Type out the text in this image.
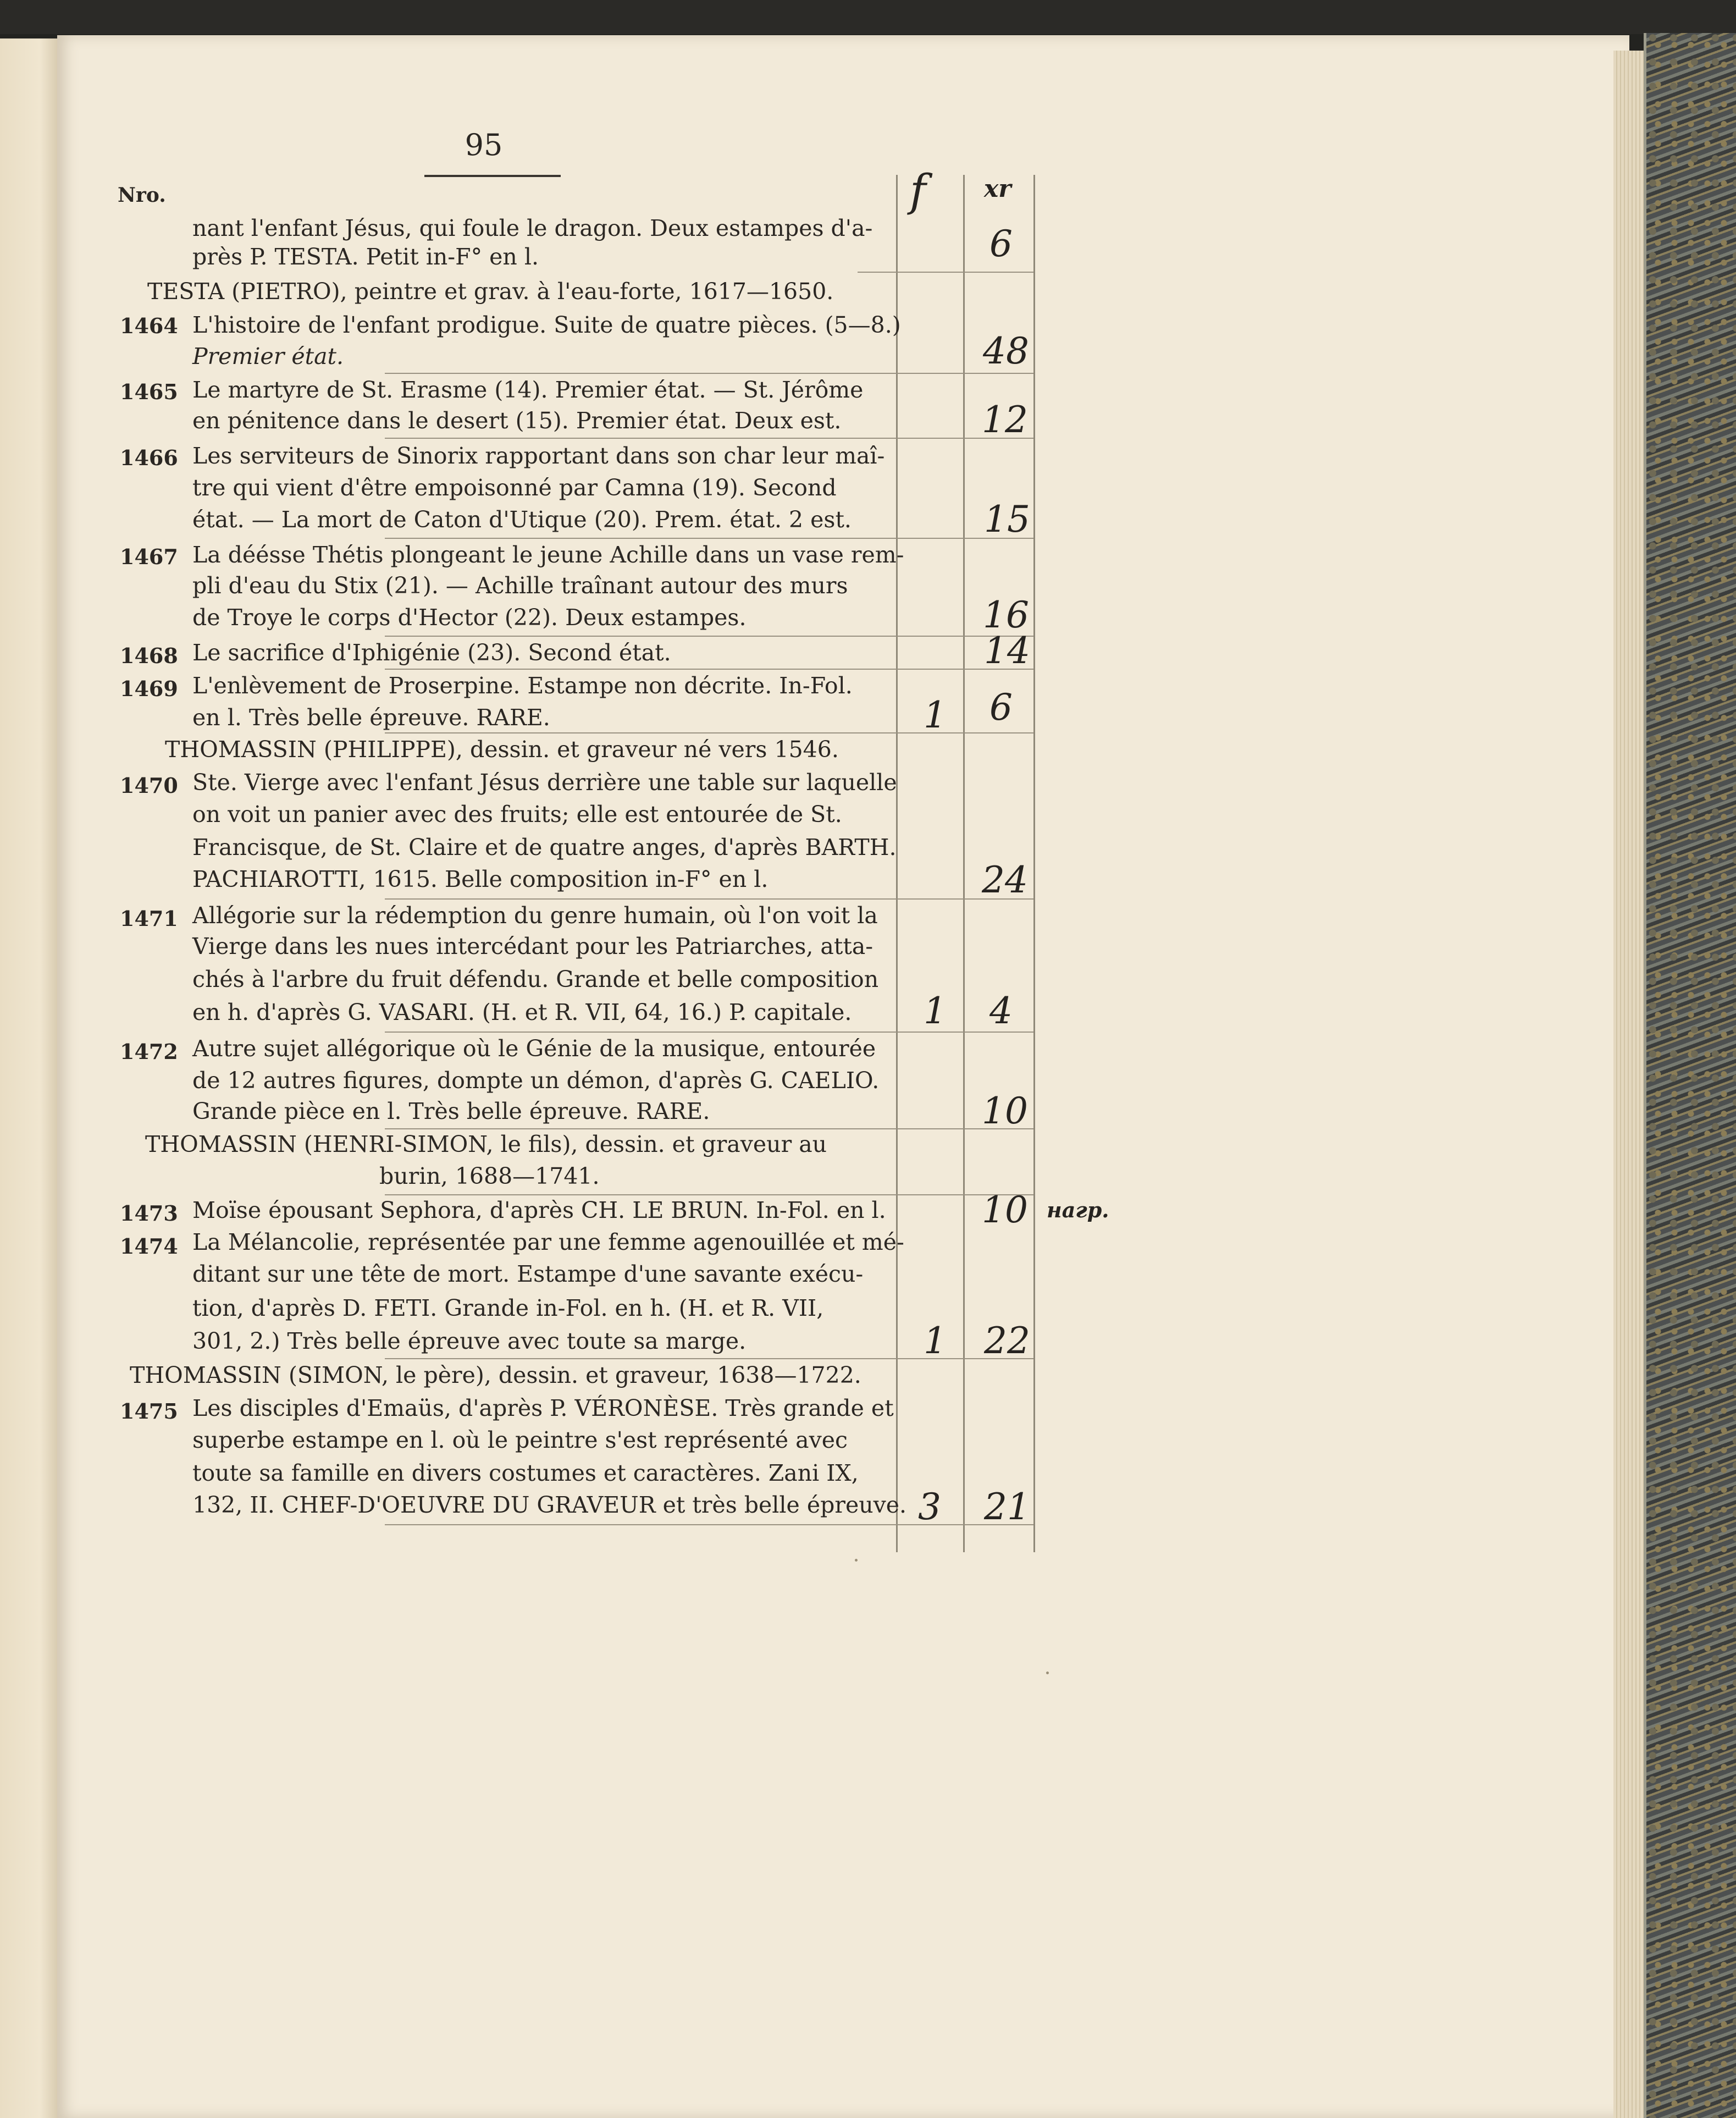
95
Nro.	f xr
nant l'enfant Jésus, qui foule le dragon. Deux estampes d'a-
près P. TESTA. Petit in-F° en l.
TESTA (PIETRO), peintre et grav. à l'eau-forte, 1617—1650.
1464 L'histoire de l'enfant prodigue. Suite de quatre pièces. (5—8.)
Premier état.
1465 Le martyre de St. Erasme (14). Premier état. — St. Jérôme
en pénitence dans le desert (15). Premier état. Deux est.
1466 Les serviteurs de Sinorix rapportant dans son char leur maî-
tre qui vient d'être empoisonné par Camna (19). Second
état. — La mort de Caton d'Utique (20). Prem. état. 2 est.
1467 La déésse Thétis plongeant le jeune Achille dans un vase rem-
pli d'eau du Stix (21). — Achille traînant autour des murs
de Troye le corps d'Hector (22). Deux estampes.
1468 Le sacrifice d'Iphigénie (23). Second état.
1469 L'enlèvement de Proserpine. Estampe non décrite. In-Fol.
en l. Très belle épreuve. RARE.
THOMASSIN (PHILIPPE), dessin. et graveur né vers 1546.
1470 Ste. Vierge avec l'enfant Jésus derrière une table sur laquelle
on voit un panier avec des fruits; elle est entourée de St.
Francisque, de St. Claire et de quatre anges, d'après BARTH.
PACHIAROTTI, 1615. Belle composition in-F° en l.
1471 Allégorie sur la rédemption du genre humain, où l'on voit la
Vierge dans les nues intercédant pour les Patriarches, atta-
chés à l'arbre du fruit défendu. Grande et belle composition
en h. d'après G. VASARI. (H. et R. VII, 64, 16.) P. capitale.
1472 Autre sujet allégorique où le Génie de la musique, entourée
de 12 autres figures, dompte un démon, d'après G. CAELIO.
Grande pièce en l. Très belle épreuve. RARE.
THOMASSIN (HENRI-SIMON, le fils), dessin. et graveur au
burin, 1688—1741.
1473 Moïse épousant Sephora, d'après CH. LE BRUN. In-Fol. en l.
1474 La Mélancolie, représentée par une femme agenouillée et mé-
ditant sur une tête de mort. Estampe d'une savante exécu-
tion, d'après D. FETI. Grande in-Fol. en h. (H. et R. VII,
301, 2.) Très belle épreuve avec toute sa marge.
THOMASSIN (SIMON, le père), dessin. et graveur, 1638—1722.
1475 Les disciples d'Emaüs, d'après P. VÉRONÈSE. Très grande et
superbe estampe en l. où le peintre s'est représenté avec
toute sa famille en divers costumes et caractères. Zani IX,
132, II. CHEF-D'OEUVRE DU GRAVEUR et très belle épreuve.
6
48
12
15
16
14
1 6
24
1 4
10
10 нагр.
1 22
3 21
